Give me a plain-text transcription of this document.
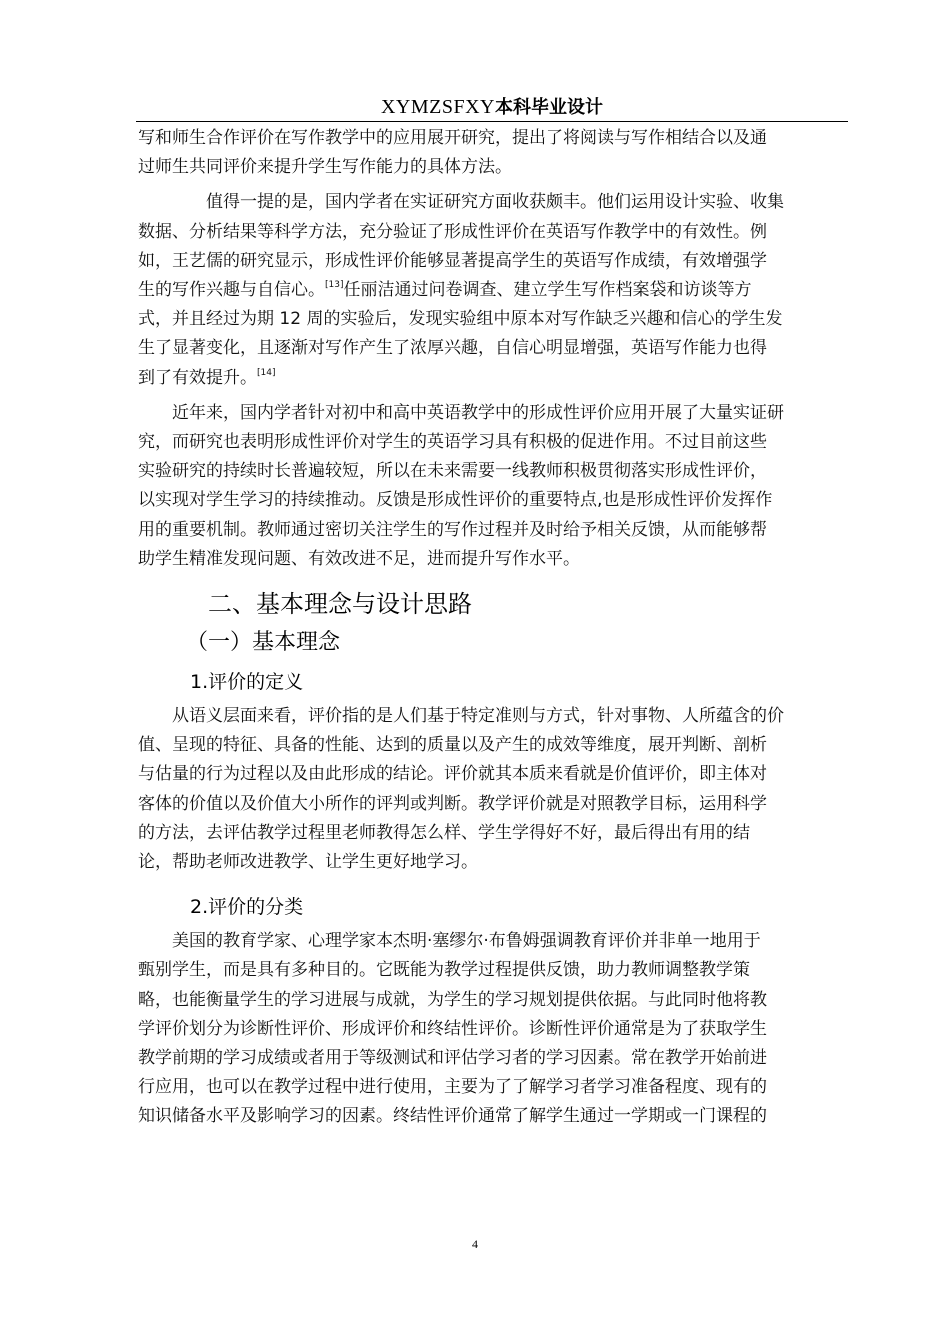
XYMZSFXY本科毕业设计
写和师生合作评价在写作教学中的应用展开研究，提出了将阅读与写作相结合以及通
过师生共同评价来提升学生写作能力的具体方法。
值得一提的是，国内学者在实证研究方面收获颇丰。他们运用设计实验、收集
数据、分析结果等科学方法，充分验证了形成性评价在英语写作教学中的有效性。例
如，王艺儒的研究显示，形成性评价能够显著提高学生的英语写作成绩，有效增强学
生的写作兴趣与自信心。[13]任丽洁通过问卷调查、建立学生写作档案袋和访谈等方
式，并且经过为期 12 周的实验后，发现实验组中原本对写作缺乏兴趣和信心的学生发
生了显著变化，且逐渐对写作产生了浓厚兴趣，自信心明显增强，英语写作能力也得
到了有效提升。[14]
近年来，国内学者针对初中和高中英语教学中的形成性评价应用开展了大量实证研
究，而研究也表明形成性评价对学生的英语学习具有积极的促进作用。不过目前这些
实验研究的持续时长普遍较短，所以在未来需要一线教师积极贯彻落实形成性评价，
以实现对学生学习的持续推动。反馈是形成性评价的重要特点,也是形成性评价发挥作
用的重要机制。教师通过密切关注学生的写作过程并及时给予相关反馈，从而能够帮
助学生精准发现问题、有效改进不足，进而提升写作水平。
二、基本理念与设计思路
（一）基本理念
1.评价的定义
从语义层面来看，评价指的是人们基于特定准则与方式，针对事物、人所蕴含的价
值、呈现的特征、具备的性能、达到的质量以及产生的成效等维度，展开判断、剖析
与估量的行为过程以及由此形成的结论。评价就其本质来看就是价值评价，即主体对
客体的价值以及价值大小所作的评判或判断。教学评价就是对照教学目标，运用科学
的方法，去评估教学过程里老师教得怎么样、学生学得好不好，最后得出有用的结
论，帮助老师改进教学、让学生更好地学习。
2.评价的分类
美国的教育学家、心理学家本杰明·塞缪尔·布鲁姆强调教育评价并非单一地用于
甄别学生，而是具有多种目的。它既能为教学过程提供反馈，助力教师调整教学策
略，也能衡量学生的学习进展与成就，为学生的学习规划提供依据。与此同时他将教
学评价划分为诊断性评价、形成评价和终结性评价。诊断性评价通常是为了获取学生
教学前期的学习成绩或者用于等级测试和评估学习者的学习因素。常在教学开始前进
行应用，也可以在教学过程中进行使用，主要为了了解学习者学习准备程度、现有的
知识储备水平及影响学习的因素。终结性评价通常了解学生通过一学期或一门课程的
4
